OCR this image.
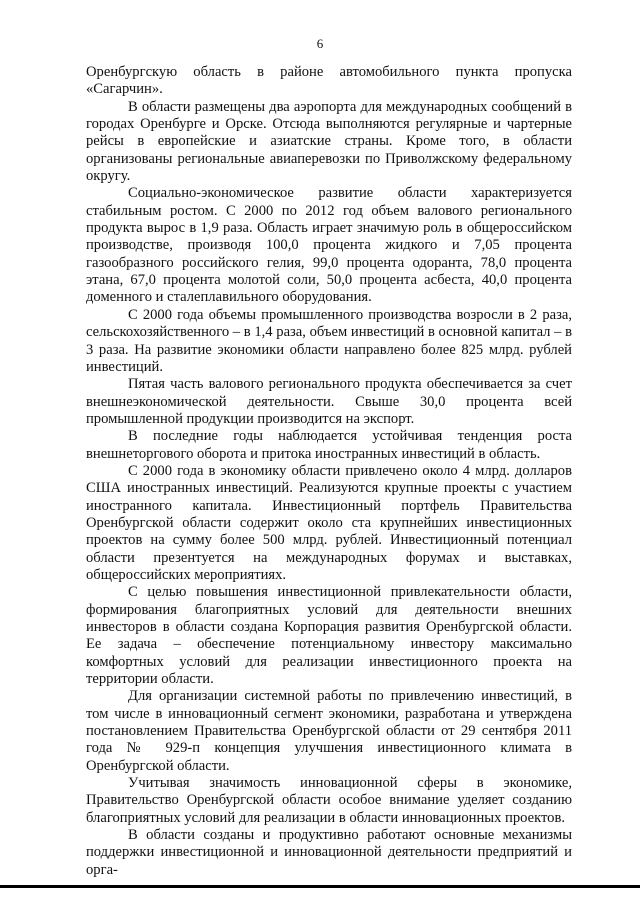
6

Оренбургскую область в районе автомобильного пункта пропуска «Сагарчин».

В области размещены два аэропорта для международных сообщений в городах Оренбурге и Орске. Отсюда выполняются регулярные и чартерные рейсы в европейские и азиатские страны. Кроме того, в области организованы региональные авиаперевозки по Приволжскому федеральному округу.

Социально-экономическое развитие области характеризуется стабильным ростом. С 2000 по 2012 год объем валового регионального продукта вырос в 1,9 раза. Область играет значимую роль в общероссийском производстве, производя 100,0 процента жидкого и 7,05 процента газообразного российского гелия, 99,0 процента одоранта, 78,0 процента этана, 67,0 процента молотой соли, 50,0 процента асбеста, 40,0 процента доменного и сталеплавильного оборудования.

С 2000 года объемы промышленного производства возросли в 2 раза, сельскохозяйственного – в 1,4 раза, объем инвестиций в основной капитал – в 3 раза. На развитие экономики области направлено более 825 млрд. рублей инвестиций.

Пятая часть валового регионального продукта обеспечивается за счет внешнеэкономической деятельности. Свыше 30,0 процента всей промышленной продукции производится на экспорт.

В последние годы наблюдается устойчивая тенденция роста внешнеторгового оборота и притока иностранных инвестиций в область.

С 2000 года в экономику области привлечено около 4 млрд. долларов США иностранных инвестиций. Реализуются крупные проекты с участием иностранного капитала. Инвестиционный портфель Правительства Оренбургской области содержит около ста крупнейших инвестиционных проектов на сумму более 500 млрд. рублей. Инвестиционный потенциал области презентуется на международных форумах и выставках, общероссийских мероприятиях.

С целью повышения инвестиционной привлекательности области, формирования благоприятных условий для деятельности внешних инвесторов в области создана Корпорация развития Оренбургской области. Ее задача – обеспечение потенциальному инвестору максимально комфортных условий для реализации инвестиционного проекта на территории области.

Для организации системной работы по привлечению инвестиций, в том числе в инновационный сегмент экономики, разработана и утверждена постановлением Правительства Оренбургской области от 29 сентября 2011 года № 929-п концепция улучшения инвестиционного климата в Оренбургской области.

Учитывая значимость инновационной сферы в экономике, Правительство Оренбургской области особое внимание уделяет созданию благоприятных условий для реализации в области инновационных проектов.

В области созданы и продуктивно работают основные механизмы поддержки инвестиционной и инновационной деятельности предприятий и орга-
